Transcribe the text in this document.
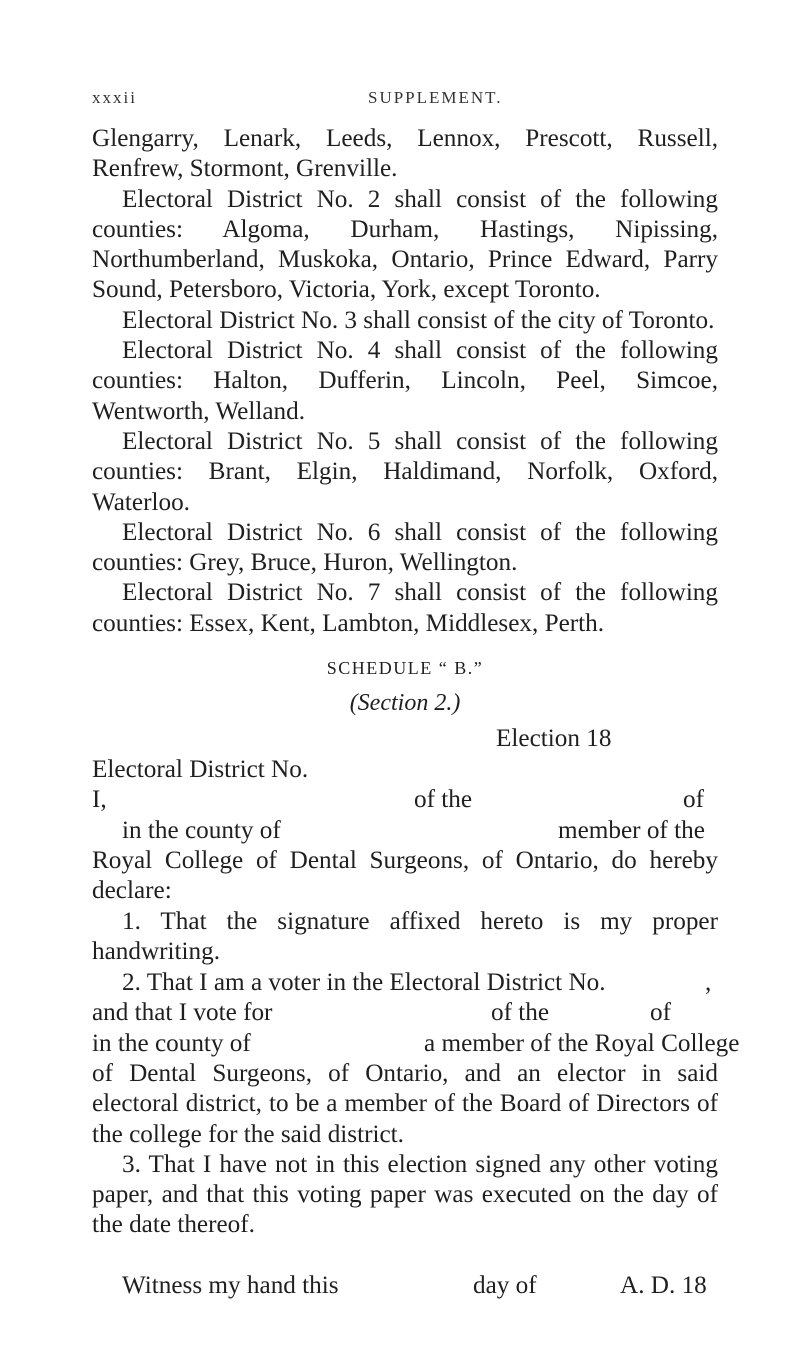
xxxii	SUPPLEMENT.

Glengarry, Lenark, Leeds, Lennox, Prescott, Russell, Renfrew, Stormont, Grenville.

Electoral District No. 2 shall consist of the following counties: Algoma, Durham, Hastings, Nipissing, Northumberland, Muskoka, Ontario, Prince Edward, Parry Sound, Petersboro, Victoria, York, except Toronto.

Electoral District No. 3 shall consist of the city of Toronto.

Electoral District No. 4 shall consist of the following counties: Halton, Dufferin, Lincoln, Peel, Simcoe, Wentworth, Welland.

Electoral District No. 5 shall consist of the following counties: Brant, Elgin, Haldimand, Norfolk, Oxford, Waterloo.

Electoral District No. 6 shall consist of the following counties: Grey, Bruce, Huron, Wellington.

Electoral District No. 7 shall consist of the following counties: Essex, Kent, Lambton, Middlesex, Perth.

SCHEDULE “ B.”
(Section 2.)
Election 18
Electoral District No.
I,	of the	of
in the county of	member of the

Royal College of Dental Surgeons, of Ontario, do hereby declare:

1. That the signature affixed hereto is my proper handwriting.

2. That I am a voter in the Electoral District No.	,
and that I vote for	of the	of
in the county of	a member of the Royal College

of Dental Surgeons, of Ontario, and an elector in said electoral district, to be a member of the Board of Directors of the college for the said district.

3. That I have not in this election signed any other voting paper, and that this voting paper was executed on the day of the date thereof.

Witness my hand this	day of	A. D. 18
